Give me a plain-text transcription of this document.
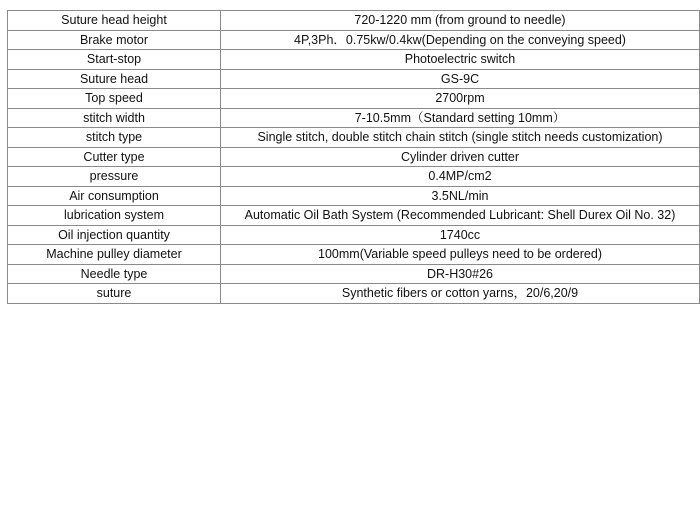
Suture head height	720-1220 mm (from ground to needle)
Brake motor	4P,3Ph．0.75kw/0.4kw(Depending on the conveying speed)
Start-stop	Photoelectric switch
Suture head	GS-9C
Top speed	2700rpm
stitch width	7-10.5mm（Standard setting 10mm）
stitch type	Single stitch, double stitch chain stitch (single stitch needs customization)
Cutter type	Cylinder driven cutter
pressure	0.4MP/cm2
Air consumption	3.5NL/min
lubrication system	Automatic Oil Bath System (Recommended Lubricant: Shell Durex Oil No. 32)
Oil injection quantity	1740cc
Machine pulley diameter	100mm(Variable speed pulleys need to be ordered)
Needle type	DR-H30#26
suture	Synthetic fibers or cotton yarns，20/6,20/9
